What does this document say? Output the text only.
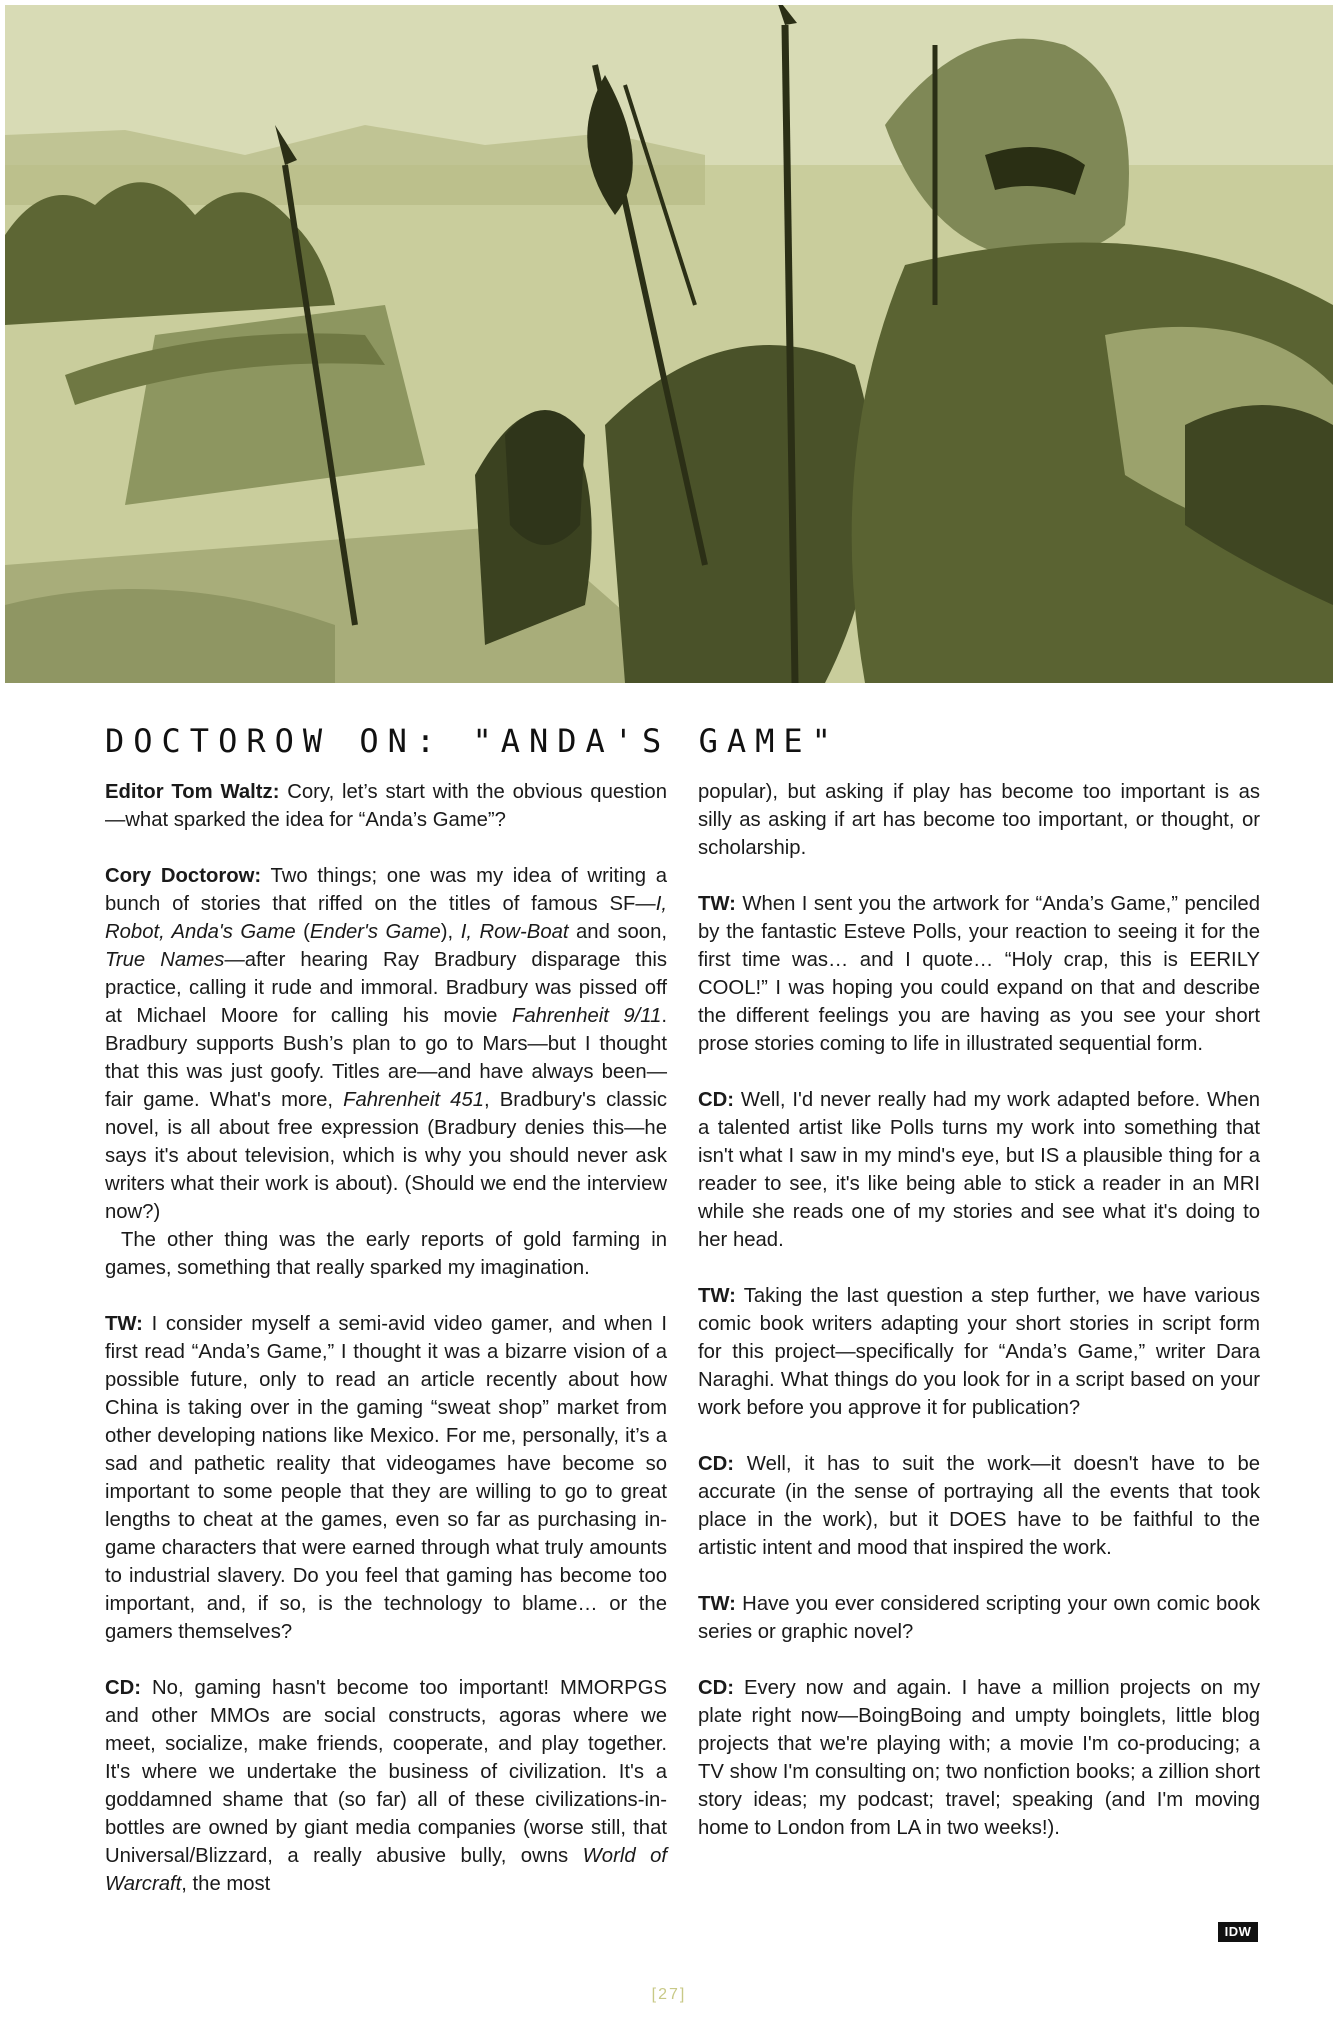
DOCTOROW ON: "ANDA'S GAME"

Editor Tom Waltz: Cory, let’s start with the obvious question—what sparked the idea for “Anda’s Game”?

Cory Doctorow: Two things; one was my idea of writing a bunch of stories that riffed on the titles of famous SF—I, Robot, Anda's Game (Ender's Game), I, Row-Boat and soon, True Names—after hearing Ray Bradbury disparage this practice, calling it rude and immoral. Bradbury was pissed off at Michael Moore for calling his movie Fahrenheit 9/11. Bradbury supports Bush’s plan to go to Mars—but I thought that this was just goofy. Titles are—and have always been—fair game. What's more, Fahrenheit 451, Bradbury's classic novel, is all about free expression (Bradbury denies this—he says it's about television, which is why you should never ask writers what their work is about). (Should we end the interview now?)

The other thing was the early reports of gold farming in games, something that really sparked my imagination.

TW: I consider myself a semi-avid video gamer, and when I first read “Anda’s Game,” I thought it was a bizarre vision of a possible future, only to read an article recently about how China is taking over in the gaming “sweat shop” market from other developing nations like Mexico. For me, personally, it’s a sad and pathetic reality that videogames have become so important to some people that they are willing to go to great lengths to cheat at the games, even so far as purchasing in-game characters that were earned through what truly amounts to industrial slavery. Do you feel that gaming has become too important, and, if so, is the technology to blame… or the gamers themselves?

CD: No, gaming hasn't become too important! MMORPGS and other MMOs are social constructs, agoras where we meet, socialize, make friends, cooperate, and play together. It's where we undertake the business of civilization. It's a goddamned shame that (so far) all of these civilizations-in-bottles are owned by giant media companies (worse still, that Universal/Blizzard, a really abusive bully, owns World of Warcraft, the most

popular), but asking if play has become too important is as silly as asking if art has become too important, or thought, or scholarship.

TW: When I sent you the artwork for “Anda’s Game,” penciled by the fantastic Esteve Polls, your reaction to seeing it for the first time was… and I quote… “Holy crap, this is EERILY COOL!” I was hoping you could expand on that and describe the different feelings you are having as you see your short prose stories coming to life in illustrated sequential form.

CD: Well, I'd never really had my work adapted before. When a talented artist like Polls turns my work into something that isn't what I saw in my mind's eye, but IS a plausible thing for a reader to see, it's like being able to stick a reader in an MRI while she reads one of my stories and see what it's doing to her head.

TW: Taking the last question a step further, we have various comic book writers adapting your short stories in script form for this project—specifically for “Anda’s Game,” writer Dara Naraghi. What things do you look for in a script based on your work before you approve it for publication?

CD: Well, it has to suit the work—it doesn't have to be accurate (in the sense of portraying all the events that took place in the work), but it DOES have to be faithful to the artistic intent and mood that inspired the work.

TW: Have you ever considered scripting your own comic book series or graphic novel?

CD: Every now and again. I have a million projects on my plate right now—BoingBoing and umpty boinglets, little blog projects that we're playing with; a movie I'm co-producing; a TV show I'm consulting on; two nonfiction books; a zillion short story ideas; my podcast; travel; speaking (and I'm moving home to London from LA in two weeks!).

IDW
[27]
